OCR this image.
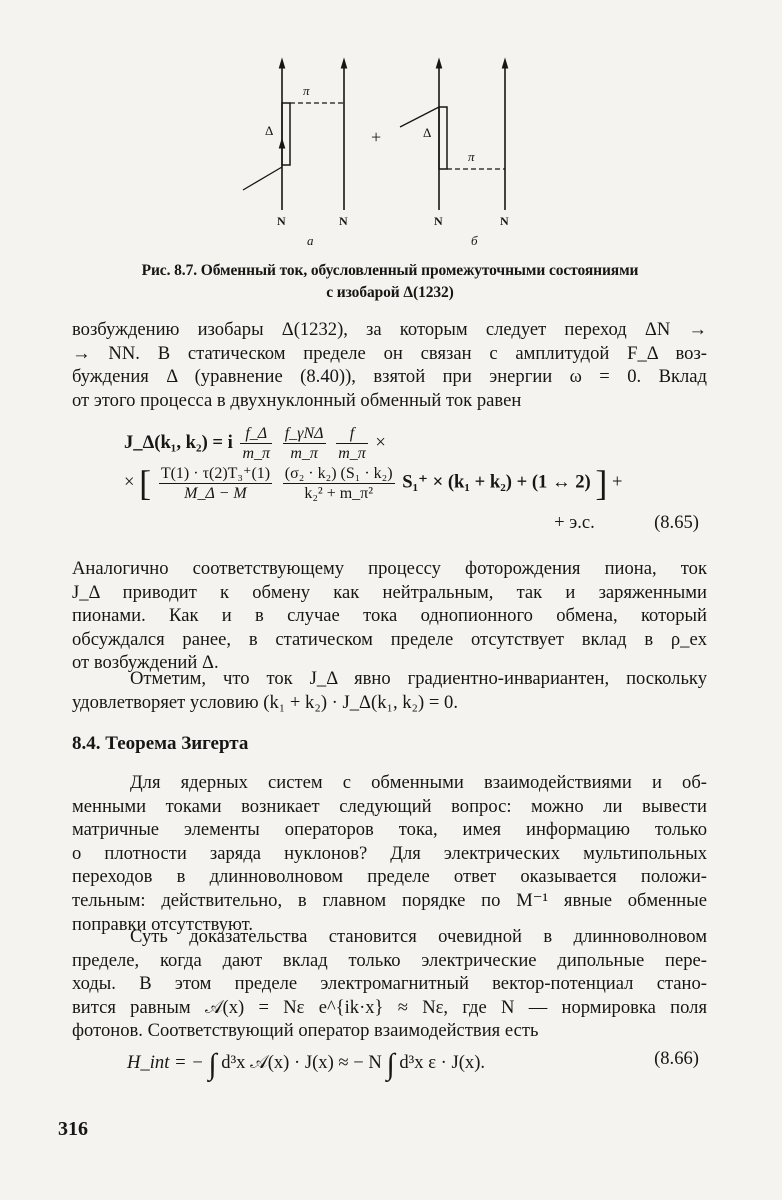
π
Δ
N	N
а
+
π
Δ
N	N
б
Рис. 8.7. Обменный ток, обусловленный промежуточными состояниями
с изобарой Δ(1232)
возбуждению изобары Δ(1232), за которым следует переход ΔN →
→ NN. В статическом пределе он связан с амплитудой F_Δ воз-
буждения Δ (уравнение (8.40)), взятой при энергии ω = 0. Вклад
от этого процесса в двухнуклонный обменный ток равен
J_Δ(k₁, k₂) = i $\frac{f\_\Delta}{m\_\pi}$
$\frac{\text{f\_γNΔ}}{m\_\pi}$
$\frac{f}{m\_\pi}$ ×
× [ $\frac{\text{T(1) · τ(2)T₃⁺(1)}}{M\_\Delta - M}$
$\frac{\text{(σ₂ · k₂) (S₁ · k₂)}}{\text{k₂² + m\_π²}} S_1^+ \times (k_1 + k_2) + (1$ ↔ 2) ] +
+ э.с.	(8.65)
Аналогично соответствующему процессу фоторождения пиона, ток
J_Δ приводит к обмену как нейтральным, так и заряженными
пионами. Как и в случае тока однопионного обмена, который
обсуждался ранее, в статическом пределе отсутствует вклад в ρ_ex
от возбуждений Δ.
Отметим, что ток J_Δ явно градиентно-инвариантен, поскольку
удовлетворяет условию (k₁ + k₂) · J_Δ(k₁, k₂) = 0.
8.4. Теорема Зигерта
Для ядерных систем с обменными взаимодействиями и об-
менными токами возникает следующий вопрос: можно ли вывести
матричные элементы операторов тока, имея информацию только
о плотности заряда нуклонов? Для электрических мультипольных
переходов в длинноволновом пределе ответ оказывается положи-
тельным: действительно, в главном порядке по M⁻¹ явные обменные
поправки отсутствуют.
Суть доказательства становится очевидной в длинноволновом
пределе, когда дают вклад только электрические дипольные пере-
ходы. В этом пределе электромагнитный вектор-потенциал стано-
вится равным 𝒜(x) = Nε e^{ik·x} ≈ Nε, где N — нормировка поля
фотонов. Соответствующий оператор взаимодействия есть
H_int = − ∫ d³x 𝒜(x) · J(x) ≈ − N ∫ d³x ε · J(x).	(8.66)
316
